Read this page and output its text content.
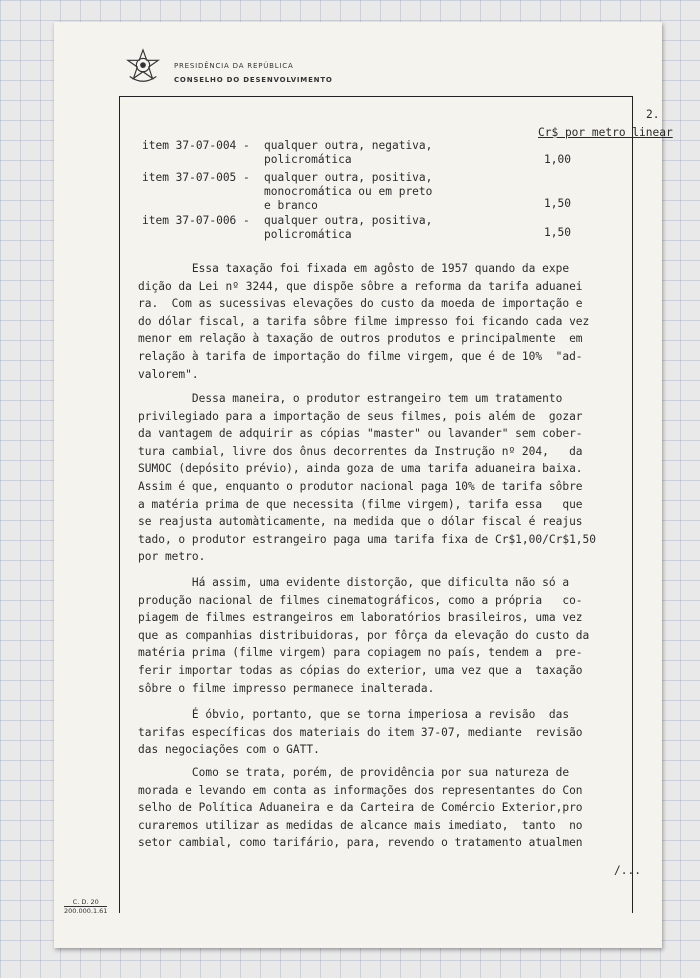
PRESIDÊNCIA DA REPÚBLICA
CONSELHO DO DESENVOLVIMENTO
2.
Cr$ por metro linear
item 37-07-004 - qualquer outra, negativa,
policromática	1,00
item 37-07-005 - qualquer outra, positiva,
monocromática ou em preto
e branco	1,50
item 37-07-006 - qualquer outra, positiva,
policromática	1,50
Essa taxação foi fixada em agôsto de 1957 quando da expe
dição da Lei nº 3244, que dispõe sôbre a reforma da tarifa aduanei
ra.  Com as sucessivas elevações do custo da moeda de importação e
do dólar fiscal, a tarifa sôbre filme impresso foi ficando cada vez
menor em relação à taxação de outros produtos e principalmente  em
relação à tarifa de importação do filme virgem, que é de 10%  "ad-
valorem".
Dessa maneira, o produtor estrangeiro tem um tratamento
privilegiado para a importação de seus filmes, pois além de  gozar
da vantagem de adquirir as cópias "master" ou lavander" sem cober-
tura cambial, livre dos ônus decorrentes da Instrução nº 204,   da
SUMOC (depósito prévio), ainda goza de uma tarifa aduaneira baixa.
Assim é que, enquanto o produtor nacional paga 10% de tarifa sôbre
a matéria prima de que necessita (filme virgem), tarifa essa   que
se reajusta automàticamente, na medida que o dólar fiscal é reajus
tado, o produtor estrangeiro paga uma tarifa fixa de Cr$1,00/Cr$1,50
por metro.
Há assim, uma evidente distorção, que dificulta não só a
produção nacional de filmes cinematográficos, como a própria   co-
piagem de filmes estrangeiros em laboratórios brasileiros, uma vez
que as companhias distribuidoras, por fôrça da elevação do custo da
matéria prima (filme virgem) para copiagem no país, tendem a  pre-
ferir importar todas as cópias do exterior, uma vez que a  taxação
sôbre o filme impresso permanece inalterada.
É óbvio, portanto, que se torna imperiosa a revisão  das
tarifas específicas dos materiais do item 37-07, mediante  revisão
das negociações com o GATT.
Como se trata, porém, de providência por sua natureza de
morada e levando em conta as informações dos representantes do Con
selho de Política Aduaneira e da Carteira de Comércio Exterior,pro
curaremos utilizar as medidas de alcance mais imediato,  tanto  no
setor cambial, como tarifário, para, revendo o tratamento atualmen
/...
C. D. 20
200.000.1.61
